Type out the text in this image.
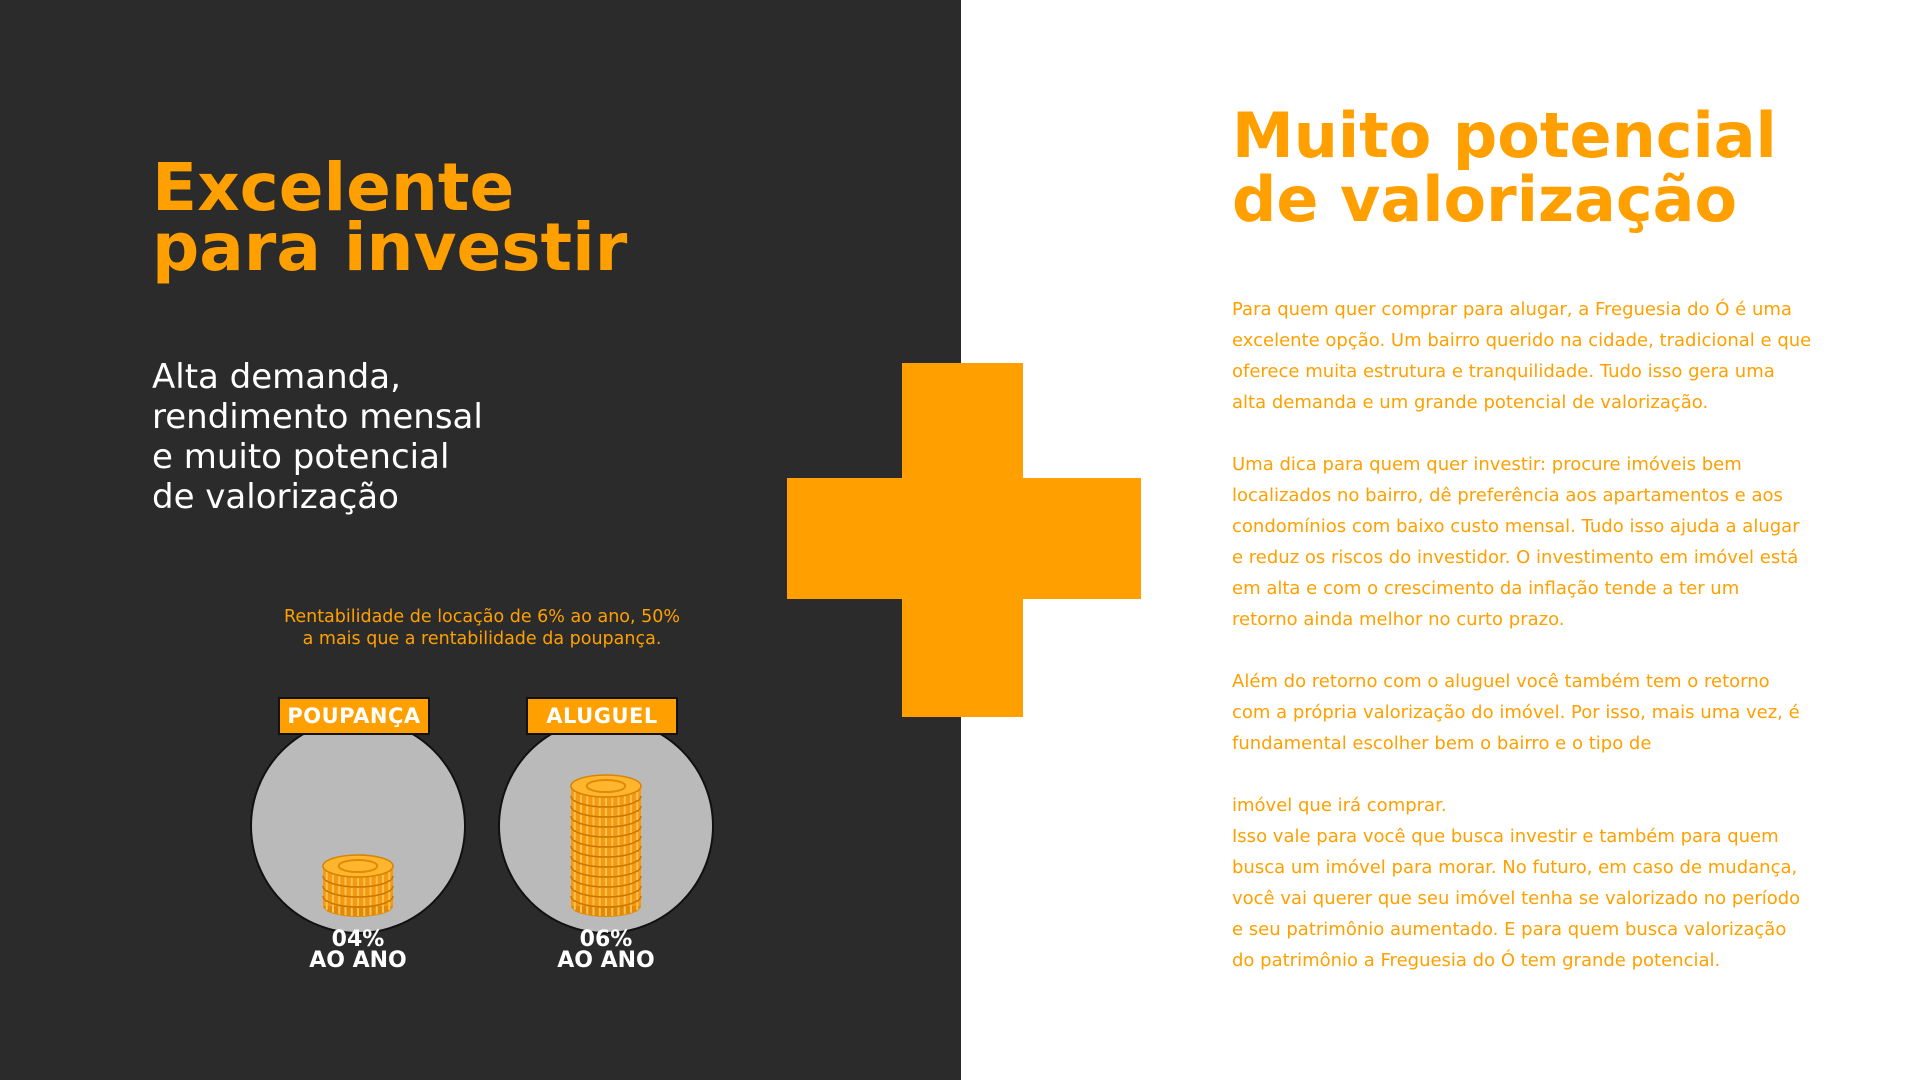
Excelente
para investir

Alta demanda,
rendimento mensal
e muito potencial
de valorização

Rentabilidade de locação de 6% ao ano, 50%
a mais que a rentabilidade da poupança.

POUPANÇA
04%
AO ANO
ALUGUEL
06%
AO ANO
Muito potencial
de valorização

Para quem quer comprar para alugar, a Freguesia do Ó é uma

excelente opção. Um bairro querido na cidade, tradicional e que

oferece muita estrutura e tranquilidade. Tudo isso gera uma

alta demanda e um grande potencial de valorização.

Uma dica para quem quer investir: procure imóveis bem

localizados no bairro, dê preferência aos apartamentos e aos

condomínios com baixo custo mensal. Tudo isso ajuda a alugar

e reduz os riscos do investidor. O investimento em imóvel está

em alta e com o crescimento da inflação tende a ter um

retorno ainda melhor no curto prazo.

Além do retorno com o aluguel você também tem o retorno

com a própria valorização do imóvel. Por isso, mais uma vez, é

fundamental escolher bem o bairro e o tipo de

imóvel que irá comprar.

Isso vale para você que busca investir e também para quem

busca um imóvel para morar. No futuro, em caso de mudança,

você vai querer que seu imóvel tenha se valorizado no período

e seu patrimônio aumentado. E para quem busca valorização

do patrimônio a Freguesia do Ó tem grande potencial.
